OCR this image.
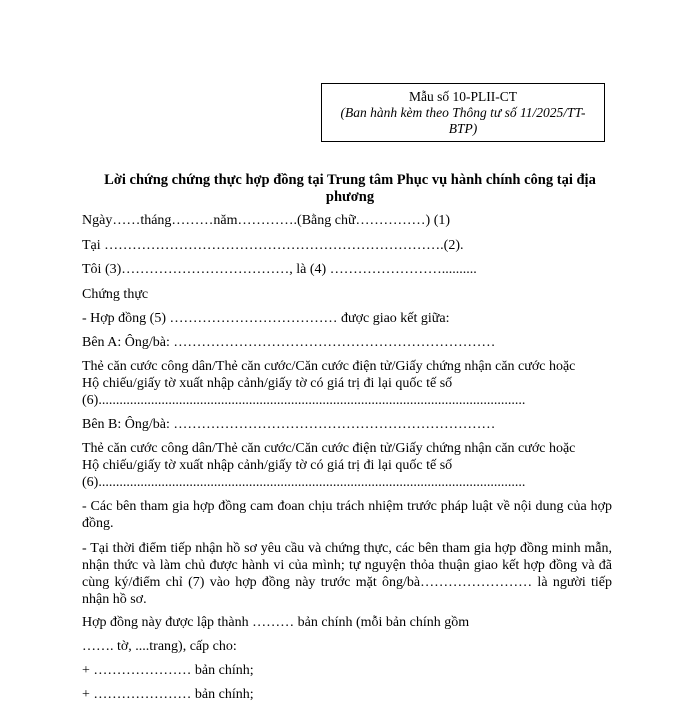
Mẫu số 10-PLII-CT
(Ban hành kèm theo Thông tư số 11/2025/TT-BTP)
Lời chứng chứng thực hợp đồng tại Trung tâm Phục vụ hành chính công tại địa phương
Ngày……tháng………năm………….(Bằng chữ……………) (1)
Tại ……………………………………………………………….(2).
Tôi (3)………………………………, là (4) ……………………..........
Chứng thực
- Hợp đồng (5) ……………………………… được giao kết giữa:
Bên A: Ông/bà: ……………………………………………………………
Thẻ căn cước công dân/Thẻ căn cước/Căn cước điện tử/Giấy chứng nhận căn cước hoặc
Hộ chiếu/giấy tờ xuất nhập cảnh/giấy tờ có giá trị đi lại quốc tế số
(6)..........................................................................................................................
Bên B: Ông/bà: ……………………………………………………………
Thẻ căn cước công dân/Thẻ căn cước/Căn cước điện tử/Giấy chứng nhận căn cước hoặc
Hộ chiếu/giấy tờ xuất nhập cảnh/giấy tờ có giá trị đi lại quốc tế số
(6)..........................................................................................................................
- Các bên tham gia hợp đồng cam đoan chịu trách nhiệm trước pháp luật về nội dung của hợp đồng.
- Tại thời điểm tiếp nhận hồ sơ yêu cầu và chứng thực, các bên tham gia hợp đồng minh mẫn, nhận thức và làm chủ được hành vi của mình; tự nguyện thỏa thuận giao kết hợp đồng và đã cùng ký/điểm chỉ (7) vào hợp đồng này trước mặt ông/bà…………………… là người tiếp nhận hồ sơ.
Hợp đồng này được lập thành ……… bản chính (mỗi bản chính gồm
……. tờ, ....trang), cấp cho:
+ ………………… bản chính;
+ ………………… bản chính;
